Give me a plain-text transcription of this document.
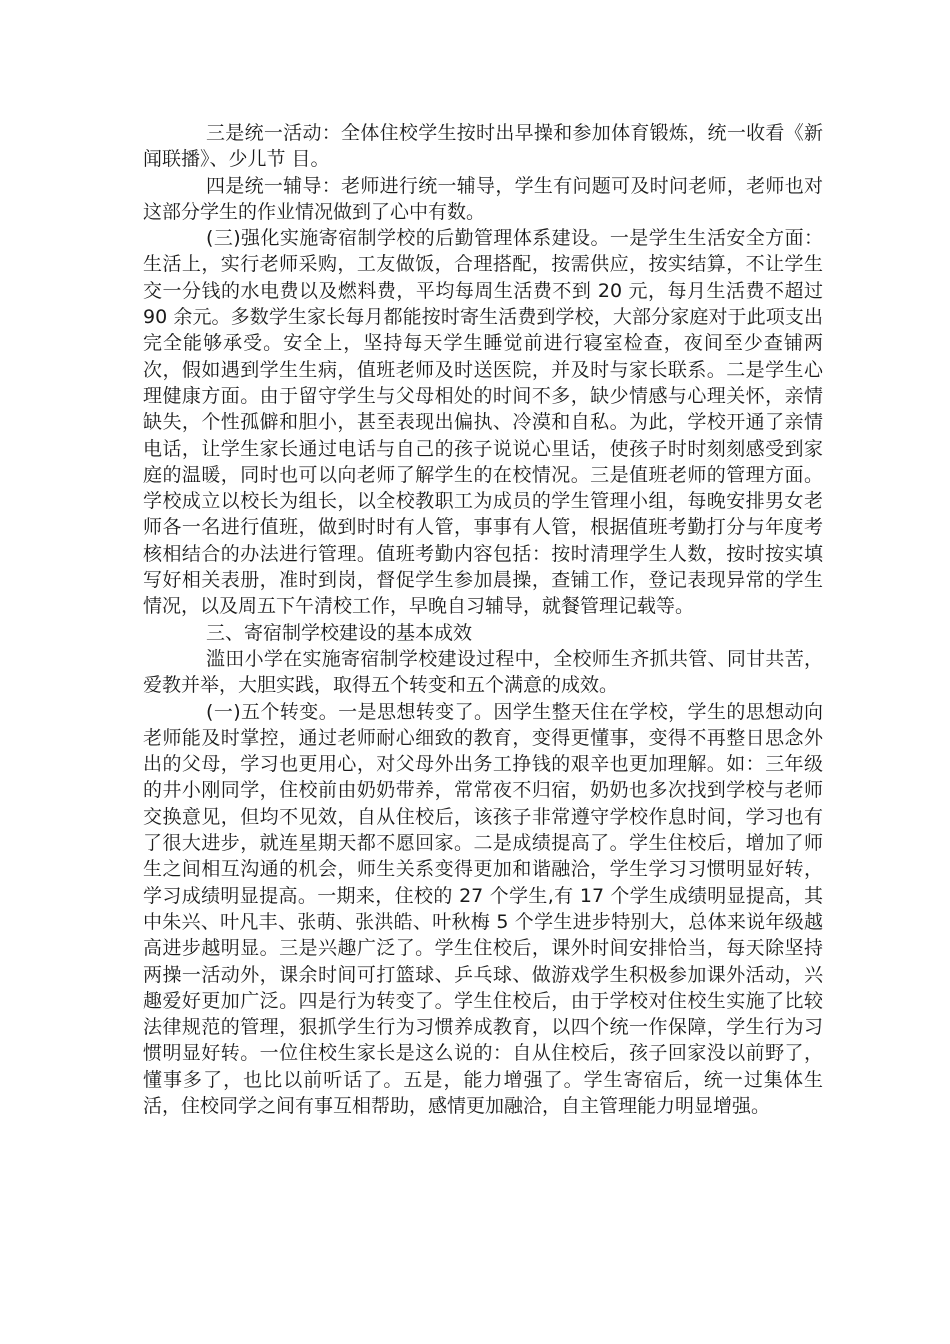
三是统一活动：全体住校学生按时出早操和参加体育锻炼，统一收看《新闻联播》、少儿节 目。

四是统一辅导：老师进行统一辅导，学生有问题可及时问老师，老师也对这部分学生的作业情况做到了心中有数。

(三)强化实施寄宿制学校的后勤管理体系建设。一是学生生活安全方面：生活上，实行老师采购，工友做饭，合理搭配，按需供应，按实结算，不让学生交一分钱的水电费以及燃料费，平均每周生活费不到 20 元，每月生活费不超过 90 余元。多数学生家长每月都能按时寄生活费到学校，大部分家庭对于此项支出完全能够承受。安全上，坚持每天学生睡觉前进行寝室检查，夜间至少查铺两次，假如遇到学生生病，值班老师及时送医院，并及时与家长联系。二是学生心理健康方面。由于留守学生与父母相处的时间不多，缺少情感与心理关怀，亲情缺失，个性孤僻和胆小，甚至表现出偏执、冷漠和自私。为此，学校开通了亲情电话，让学生家长通过电话与自己的孩子说说心里话，使孩子时时刻刻感受到家庭的温暖，同时也可以向老师了解学生的在校情况。三是值班老师的管理方面。学校成立以校长为组长，以全校教职工为成员的学生管理小组，每晚安排男女老师各一名进行值班，做到时时有人管，事事有人管，根据值班考勤打分与年度考核相结合的办法进行管理。值班考勤内容包括：按时清理学生人数，按时按实填写好相关表册，准时到岗，督促学生参加晨操，查铺工作，登记表现异常的学生情况，以及周五下午清校工作，早晚自习辅导，就餐管理记载等。

三、寄宿制学校建设的基本成效

滥田小学在实施寄宿制学校建设过程中，全校师生齐抓共管、同甘共苦，爱教并举，大胆实践，取得五个转变和五个满意的成效。

(一)五个转变。一是思想转变了。因学生整天住在学校，学生的思想动向老师能及时掌控，通过老师耐心细致的教育，变得更懂事，变得不再整日思念外出的父母，学习也更用心，对父母外出务工挣钱的艰辛也更加理解。如：三年级的井小刚同学，住校前由奶奶带养，常常夜不归宿，奶奶也多次找到学校与老师交换意见，但均不见效，自从住校后，该孩子非常遵守学校作息时间，学习也有了很大进步，就连星期天都不愿回家。二是成绩提高了。学生住校后，增加了师生之间相互沟通的机会，师生关系变得更加和谐融洽，学生学习习惯明显好转，学习成绩明显提高。一期来，住校的 27 个学生,有 17 个学生成绩明显提高，其中朱兴、叶凡丰、张萌、张洪皓、叶秋梅 5 个学生进步特别大，总体来说年级越高进步越明显。三是兴趣广泛了。学生住校后，课外时间安排恰当，每天除坚持两操一活动外，课余时间可打篮球、乒乓球、做游戏学生积极参加课外活动，兴趣爱好更加广泛。四是行为转变了。学生住校后，由于学校对住校生实施了比较法律规范的管理，狠抓学生行为习惯养成教育，以四个统一作保障，学生行为习惯明显好转。一位住校生家长是这么说的：自从住校后，孩子回家没以前野了，懂事多了，也比以前听话了。五是，能力增强了。学生寄宿后，统一过集体生活，住校同学之间有事互相帮助，感情更加融洽，自主管理能力明显增强。
